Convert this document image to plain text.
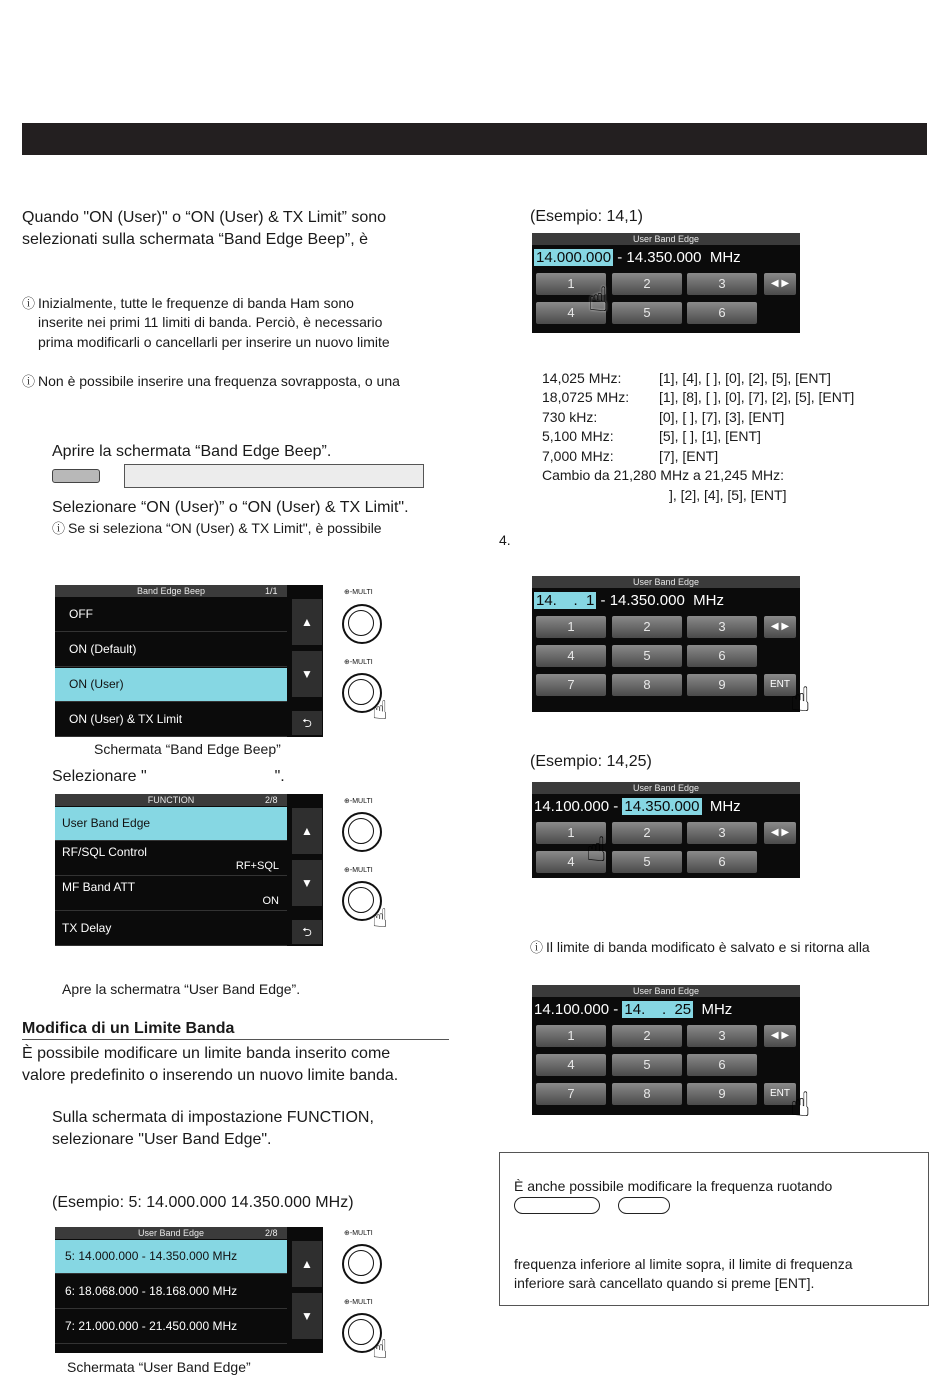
Quando "ON (User)" o “ON (User) & TX Limit” sono
selezionati sulla schermata “Band Edge Beep”, è
ⓘ Inizialmente, tutte le frequenze di banda Ham sono
inserite nei primi 11 limiti di banda. Perciò, è necessario
prima modificarli o cancellarli per inserire un nuovo limite
ⓘ Non è possibile inserire una frequenza sovrapposta, o una
Aprire la schermata “Band Edge Beep”.
Selezionare “ON (User)” o “ON (User) & TX Limit".
ⓘ Se si seleziona “ON (User) & TX Limit", è possibile
Band Edge Beep	1/1
OFF
ON (Default)
ON (User)
ON (User) & TX Limit
▲
▼
⮌
⊕-MULTI
⊕-MULTI
☝
Schermata “Band Edge Beep”
Selezionare "	".
FUNCTION	2/8
User Band Edge
RF/SQL Control
RF+SQL
MF Band ATT
ON
TX Delay
▲
▼
⮌
⊕-MULTI
⊕-MULTI
☝
Apre la schermatra “User Band Edge”.
Modifica di un Limite Banda
È possibile modificare un limite banda inserito come
valore predefinito o inserendo un nuovo limite banda.
Sulla schermata di impostazione FUNCTION,
selezionare "User Band Edge".
(Esempio: 5: 14.000.000 14.350.000 MHz)
User Band Edge	2/8
5: 14.000.000 - 14.350.000 MHz
6: 18.068.000 - 18.168.000 MHz
7: 21.000.000 - 21.450.000 MHz
▲
▼
⊕-MULTI
⊕-MULTI
☝
Schermata “User Band Edge”
(Esempio: 14,1)
User Band Edge
14.000.000 - 14.350.000 MHz
1	2	3	◀ ▶
4	5	6
☝
14,025 MHz:	[1], [4], [ ], [0], [2], [5], [ENT]
18,0725 MHz: [1], [8], [ ], [0], [7], [2], [5], [ENT]
730 kHz:	[0], [ ], [7], [3], [ENT]
5,100 MHz:	[5], [ ], [1], [ENT]
7,000 MHz:	[7], [ENT]
Cambio da 21,280 MHz a 21,245 MHz:
], [2], [4], [5], [ENT]
4.
User Band Edge
14.    .  1 - 14.350.000 MHz
1	2	3	◀ ▶
4	5	6
7	8	9	ENT ☝
(Esempio: 14,25)
User Band Edge
14.100.000 - 14.350.000 MHz
1	2	3	◀ ▶
4	5	6
☝
ⓘ Il limite di banda modificato è salvato e si ritorna alla
User Band Edge
14.100.000 - 14.    .  25 MHz
1	2	3	◀ ▶
4	5	6
7	8	9	ENT ☝
È anche possibile modificare la frequenza ruotando
frequenza inferiore al limite sopra, il limite di frequenza
inferiore sarà cancellato quando si preme [ENT].
